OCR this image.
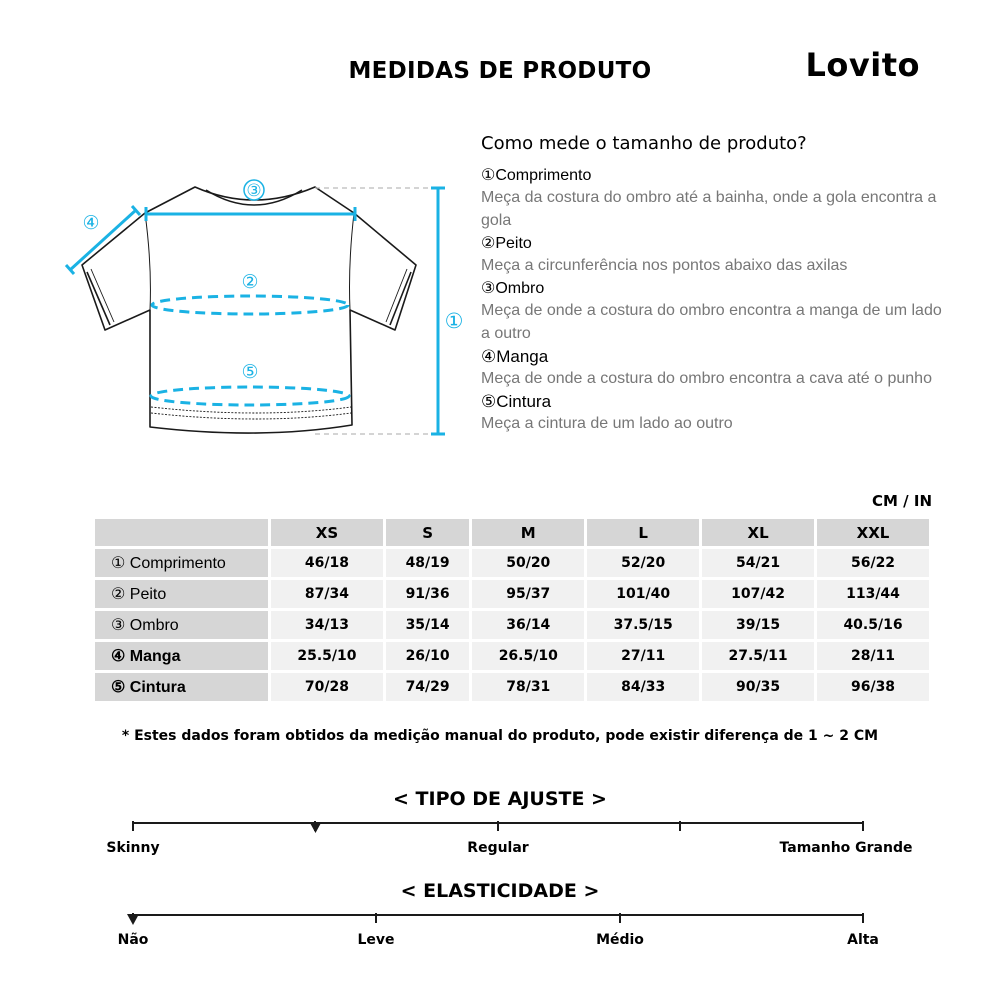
MEDIDAS DE PRODUTO	Lovito
③
④
②
①
⑤
Como mede o tamanho de produto?
①Comprimento
Meça da costura do ombro até a bainha, onde a gola encontra a gola
②Peito
Meça a circunferência nos pontos abaixo das axilas
③Ombro
Meça de onde a costura do ombro encontra a manga de um lado a outro
④Manga
Meça de onde a costura do ombro encontra a cava até o punho
⑤Cintura
Meça a cintura de um lado ao outro
CM / IN
	XS	S	M	L	XL	XXL
① Comprimento	46/18	48/19	50/20	52/20	54/21	56/22
② Peito	87/34	91/36	95/37	101/40	107/42	113/44
③ Ombro	34/13	35/14	36/14	37.5/15	39/15	40.5/16
④ Manga	25.5/10	26/10	26.5/10	27/11	27.5/11	28/11
⑤ Cintura	70/28	74/29	78/31	84/33	90/35	96/38
* Estes dados foram obtidos da medição manual do produto, pode existir diferença de 1 ~ 2 CM
< TIPO DE AJUSTE >
Skinny	Regular	Tamanho Grande
< ELASTICIDADE >
Não	Leve	Médio	Alta
